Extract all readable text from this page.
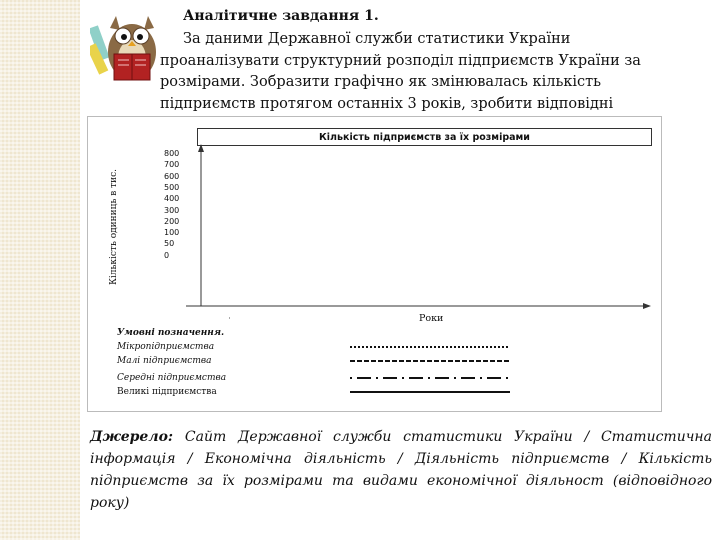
Аналітичне завдання 1.
За даними Державної служби статистики України проаналізувати структурний розподіл підприємств України за розмірами. Зобразити графічно як змінювалась кількість підприємств протягом останніх 3 років, зробити відповідні
Кількість підприємств за їх розмірами
Кількість одиниць в тис.
800
700
600
500
400
300
200
100
50
0
Роки
Умовні позначення.
Мікропідприємства
Малі підприємства
Середні підприємства
Великі підприємства
Джерело: Сайт Державної служби статистики України / Статистична інформація / Економічна діяльність / Діяльність підприємств / Кількість підприємств за їх розмірами та видами економічної діяльност (відповідного року)
